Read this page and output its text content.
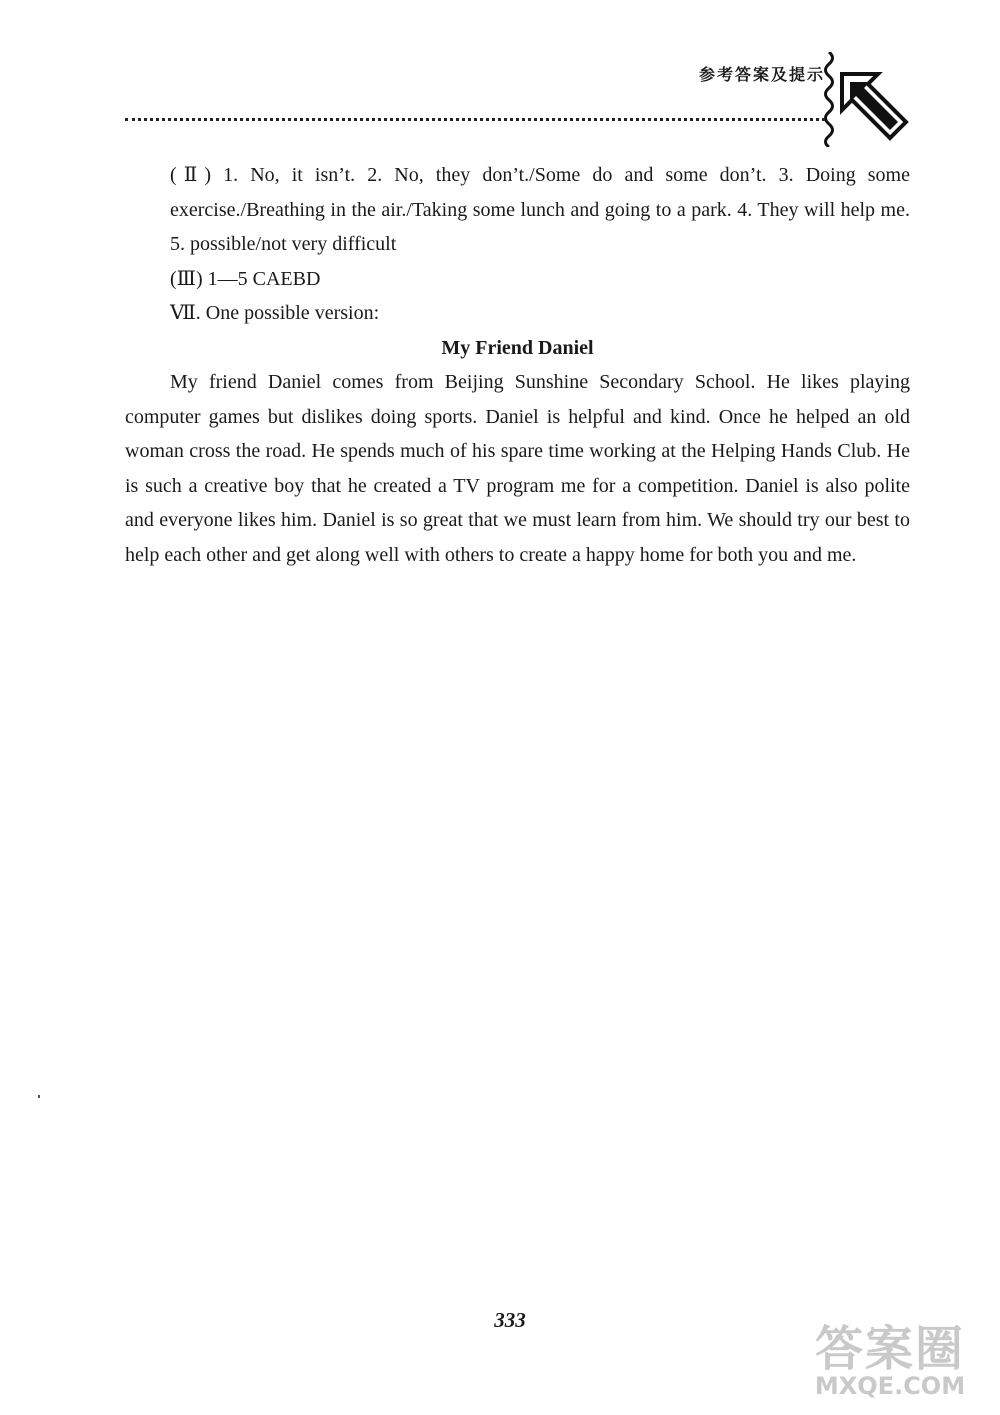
参考答案及提示

(Ⅱ) 1. No, it isn’t. 2. No, they don’t./Some do and some don’t. 3. Doing some exercise./Breathing in the air./Taking some lunch and going to a park. 4. They will help me. 5. possible/not very difficult

(Ⅲ) 1—5 CAEBD

Ⅶ. One possible version:

My Friend Daniel

My friend Daniel comes from Beijing Sunshine Secondary School. He likes playing computer games but dislikes doing sports. Daniel is helpful and kind. Once he helped an old woman cross the road. He spends much of his spare time working at the Helping Hands Club. He is such a creative boy that he created a TV program me for a competition. Daniel is also polite and everyone likes him. Daniel is so great that we must learn from him. We should try our best to help each other and get along well with others to create a happy home for both you and me.

333
答案圈
MXQE.COM
